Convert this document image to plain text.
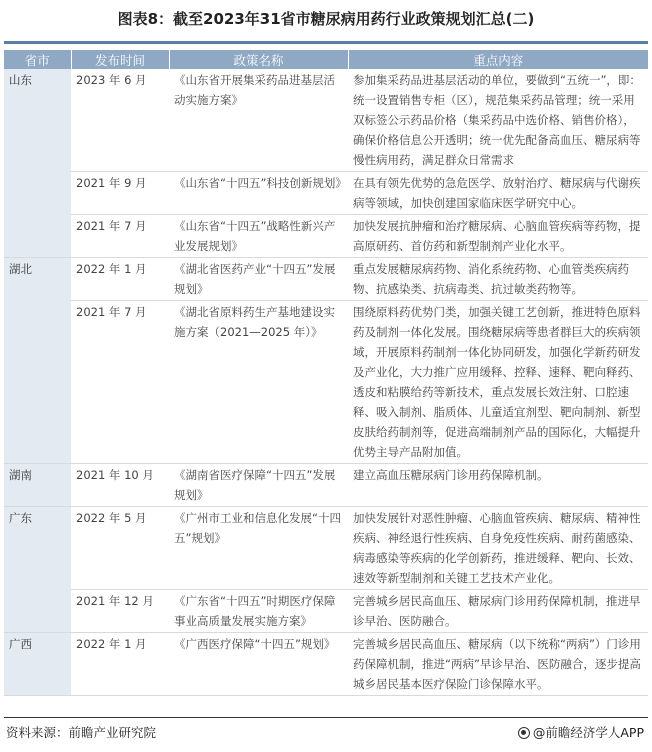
图表8：截至2023年31省市糖尿病用药行业政策规划汇总(二)
省市	发布时间	政策名称	重点内容
山东	2023 年 6 月	《山东省开展集采药品进基层活动实施方案》	参加集采药品进基层活动的单位，要做到“五统一”，即：统一设置销售专柜（区），规范集采药品管理；统一采用双标签公示药品价格（集采药品中选价格、销售价格），确保价格信息公开透明；统一优先配备高血压、糖尿病等慢性病用药，满足群众日常需求
	2021 年 9 月	《山东省“十四五”科技创新规划》	在具有领先优势的急危医学、放射治疗、糖尿病与代谢疾病等领域，加快创建国家临床医学研究中心。
	2021 年 7 月	《山东省“十四五”战略性新兴产业发展规划》	加快发展抗肿瘤和治疗糖尿病、心脑血管疾病等药物，提高原研药、首仿药和新型制剂产业化水平。
湖北	2022 年 1 月	《湖北省医药产业“十四五”发展规划》	重点发展糖尿病药物、消化系统药物、心血管类疾病药物、抗感染类、抗病毒类、抗过敏类药物等。
	2021 年 7 月	《湖北省原料药生产基地建设实施方案（2021—2025 年）》	围绕原料药优势门类，加强关键工艺创新，推进特色原料药及制剂一体化发展。围绕糖尿病等患者群巨大的疾病领域，开展原料药制剂一体化协同研发，加强化学新药研发及产业化，大力推广应用缓释、控释、速释、靶向释药、透皮和粘膜给药等新技术，重点发展长效注射、口腔速释、吸入制剂、脂质体、儿童适宜剂型、靶向制剂、新型皮肤给药制剂等，促进高端制剂产品的国际化，大幅提升优势主导产品附加值。
湖南	2021 年 10 月	《湖南省医疗保障“十四五”发展规划》	建立高血压糖尿病门诊用药保障机制。
广东	2022 年 5 月	《广州市工业和信息化发展“十四五”规划》	加快发展针对恶性肿瘤、心脑血管疾病、糖尿病、精神性疾病、神经退行性疾病、自身免疫性疾病、耐药菌感染、病毒感染等疾病的化学创新药，推进缓释、靶向、长效、速效等新型制剂和关键工艺技术产业化。
	2021 年 12 月	《广东省“十四五”时期医疗保障事业高质量发展实施方案》	完善城乡居民高血压、糖尿病门诊用药保障机制，推进早诊早治、医防融合。
广西	2022 年 1 月	《广西医疗保障“十四五”规划》	完善城乡居民高血压、糖尿病（以下统称“两病”）门诊用药保障机制，推进“两病”早诊早治、医防融合，逐步提高城乡居民基本医疗保险门诊保障水平。
资料来源：前瞻产业研究院	@前瞻经济学人APP
